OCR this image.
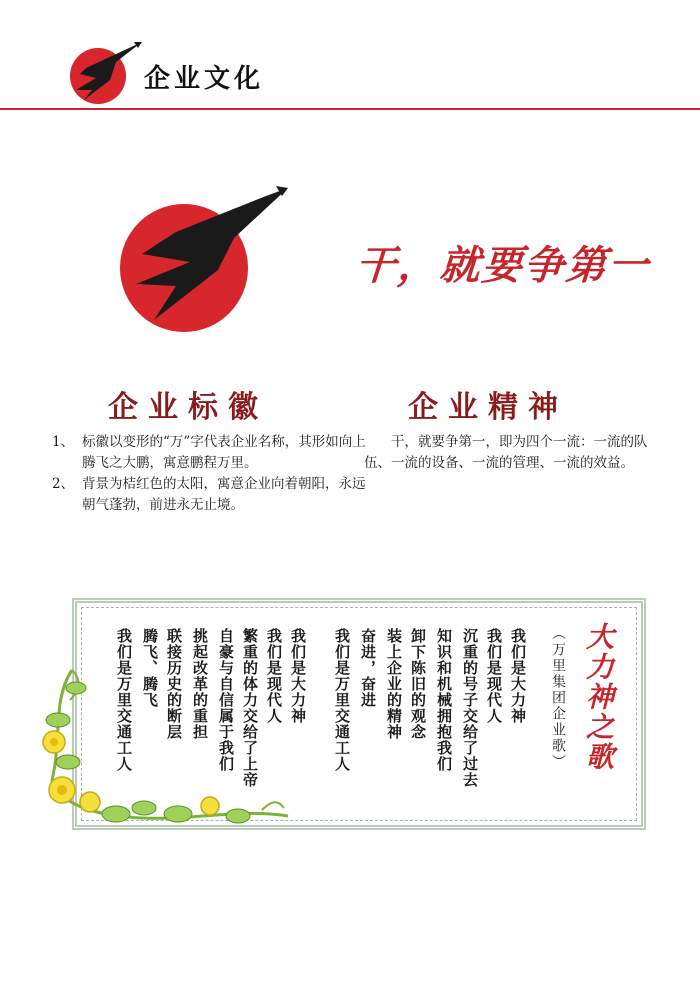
企业文化
干，就要争第一
企业标徽
1、 标徽以变形的“万”字代表企业名称，其形如向上腾飞之大鹏，寓意鹏程万里。
2、 背景为桔红色的太阳，寓意企业向着朝阳，永远朝气蓬勃，前进永无止境。
企业精神

干，就要争第一，即为四个一流：一流的队伍、一流的设备、一流的管理、一流的效益。

大力神之歌
（万里集团企业歌）
我们是大力神
我们是现代人
沉重的号子交给了过去
知识和机械拥抱我们
卸下陈旧的观念
装上企业的精神
奋进，奋进
我们是万里交通工人
我们是大力神
我们是现代人
繁重的体力交给了上帝
自豪与自信属于我们
挑起改革的重担
联接历史的断层
腾飞、腾飞
我们是万里交通工人
